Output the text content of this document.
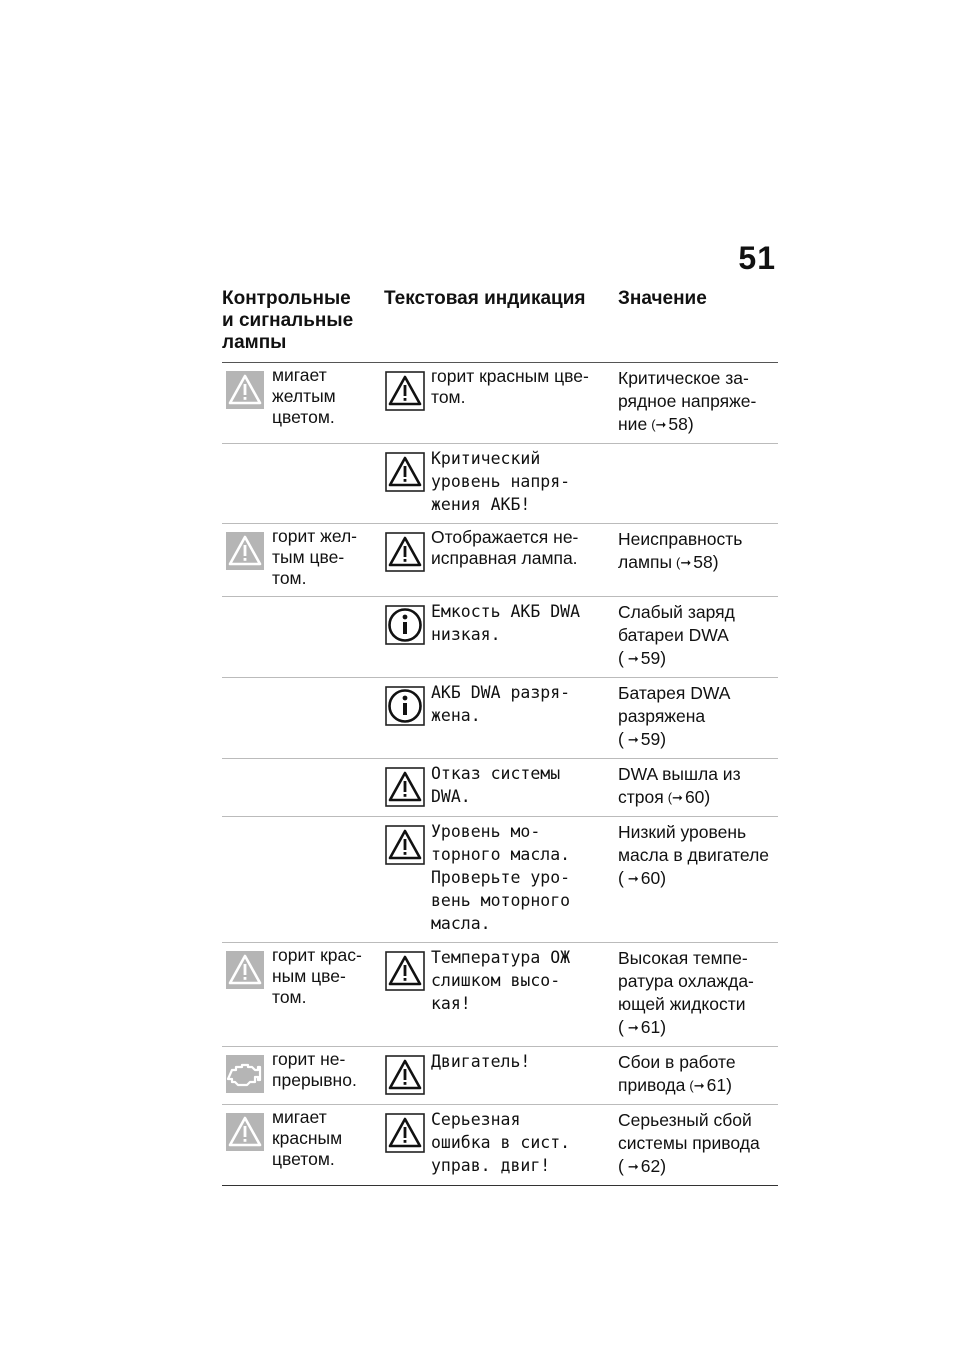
51
Контрольные
и сигнальные
лампы
Текстовая индикация	Значение
мигает
желтым
цветом.
горит красным цве-
том.
Критическое за-
рядное напряже-
ние(➞ 58)
Критический
уровень напря-
жения АКБ!
горит жел-
тым цве-
том.
Отображается не-
исправная лампа.
Неисправность
лампы(➞ 58)
Емкость АКБ DWA
низкая.
Слабый заряд
батареи DWA
( ➞ 59)
АКБ DWA разря-
жена.
Батарея DWA
разряжена
( ➞ 59)
Отказ системы
DWA.
DWA вышла из
строя(➞ 60)
Уровень мо-
торного масла.
Проверьте уро-
вень моторного
масла.
Низкий уровень
масла в двигателе
( ➞ 60)
горит крас-
ным цве-
том.
Температура ОЖ
слишком высо-
кая!
Высокая темпе-
ратура охлажда-
ющей жидкости
( ➞ 61)
горит не-
прерывно.
Двигатель!	Сбои в работе
привода(➞ 61)
мигает
красным
цветом.
Серьезная
ошибка в сист.
управ. двиг!
Серьезный сбой
системы привода
( ➞ 62)
